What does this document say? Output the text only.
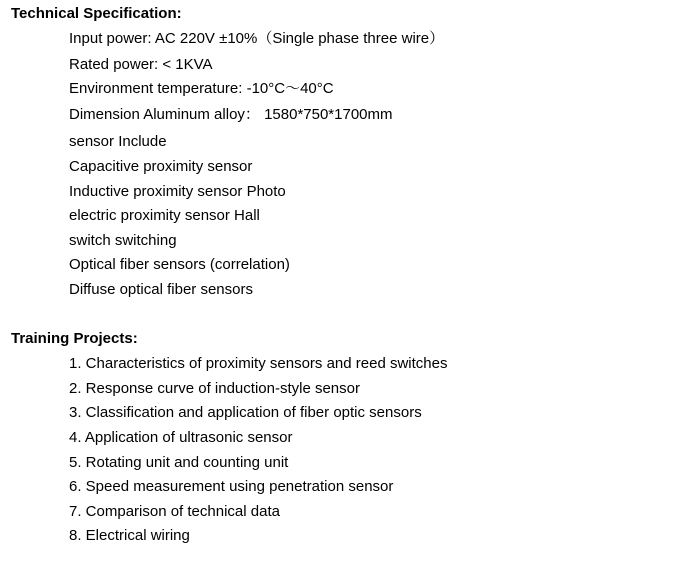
Technical Specification:
Input power: AC 220V ±10%（Single phase three wire）
Rated power: < 1KVA
Environment temperature: -10°C～40°C
Dimension Aluminum alloy： 1580*750*1700mm
sensor Include
Capacitive proximity sensor
Inductive proximity sensor Photo
electric proximity sensor Hall
switch switching
Optical fiber sensors (correlation)
Diffuse optical fiber sensors
Training Projects:
1. Characteristics of proximity sensors and reed switches
2. Response curve of induction-style sensor
3. Classification and application of fiber optic sensors
4. Application of ultrasonic sensor
5. Rotating unit and counting unit
6. Speed measurement using penetration sensor
7. Comparison of technical data
8. Electrical wiring
